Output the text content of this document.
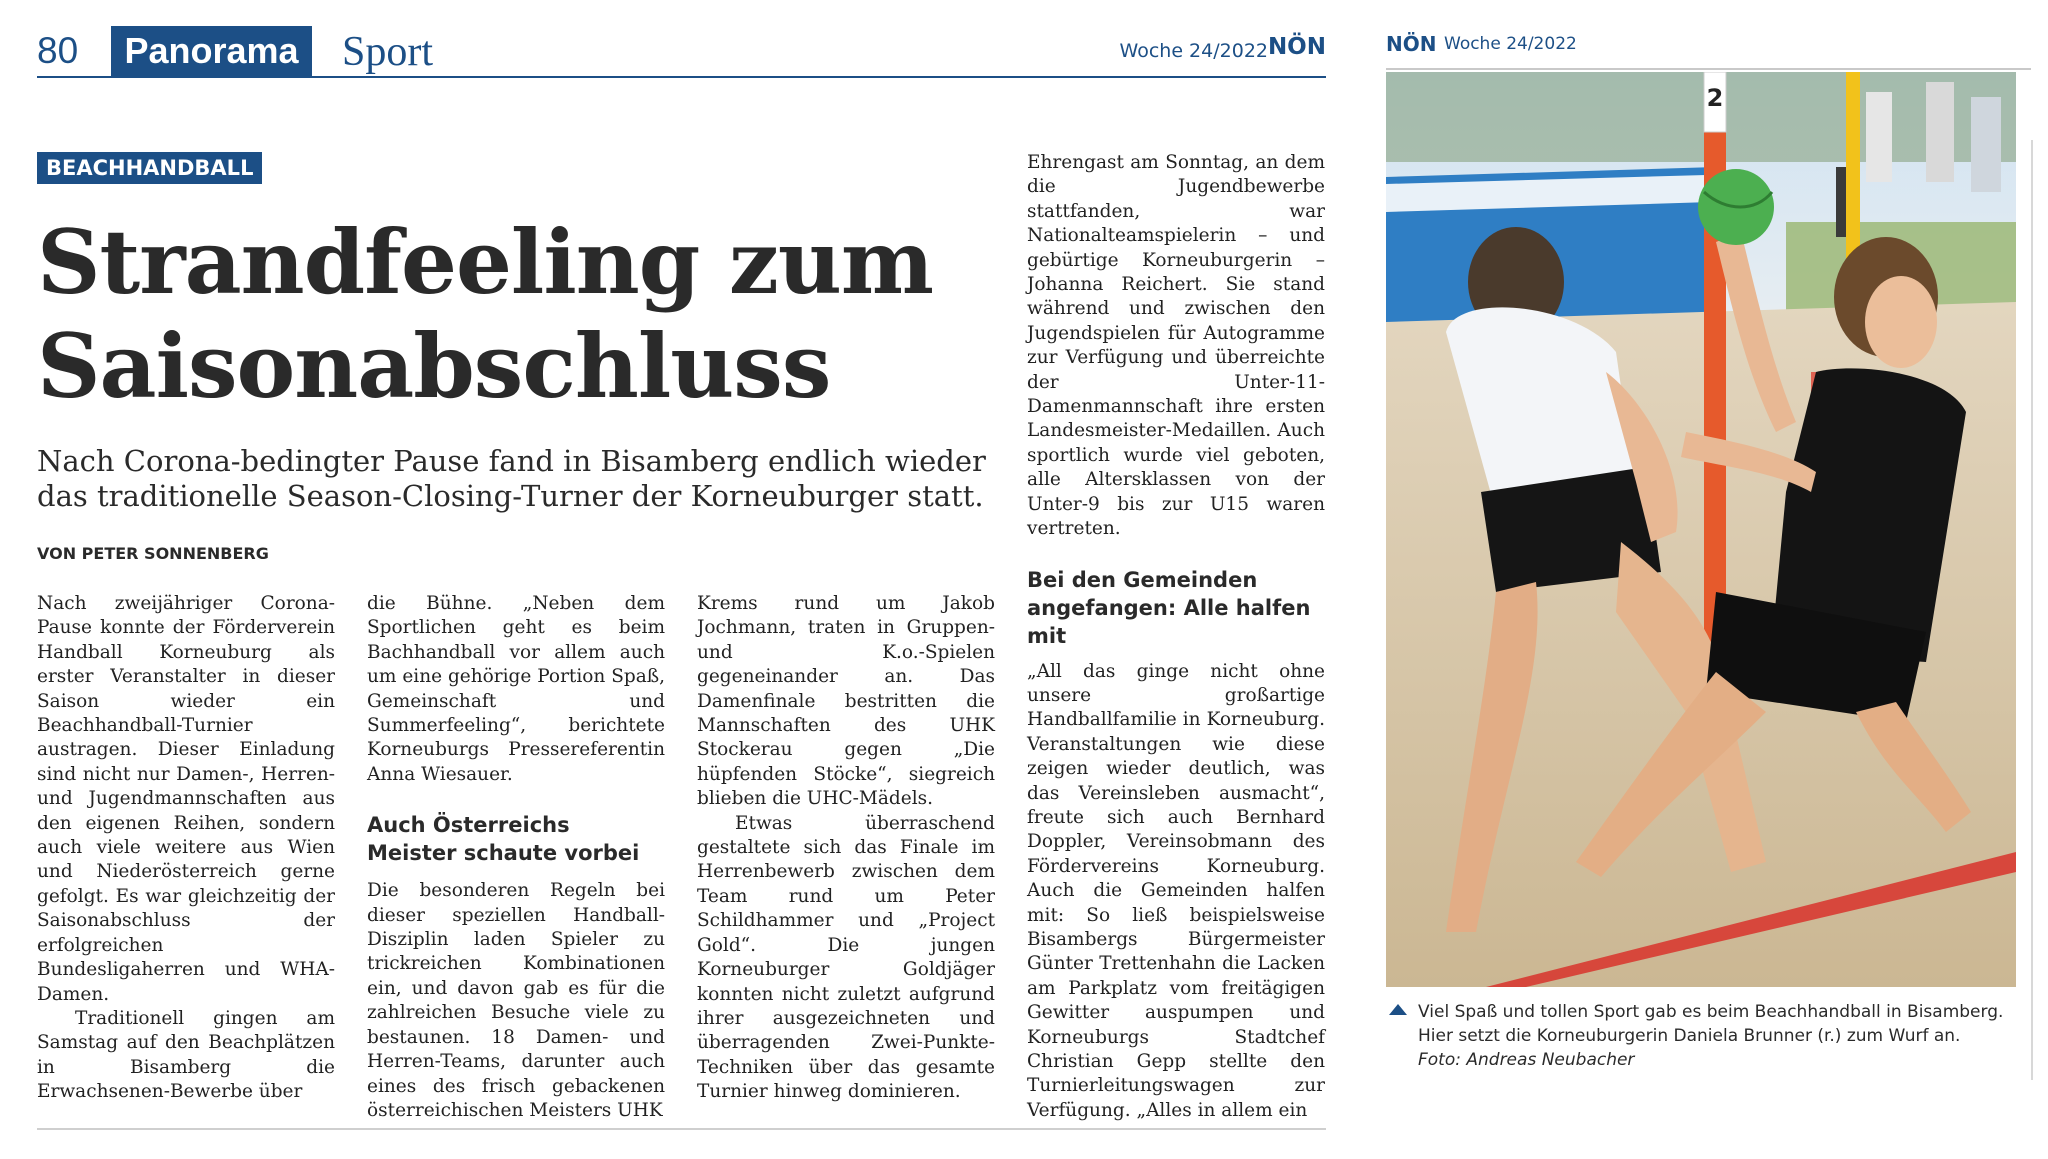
80	Panorama	Sport	Woche 24/2022 NÖN
BEACHHANDBALL
Strandfeeling zum Saisonabschluss

Nach Corona-bedingter Pause fand in Bisamberg endlich wieder das traditionelle Season-Closing-Turner der Korneuburger statt.

VON PETER SONNENBERG

Nach zweijähriger Corona-Pause konnte der Förderverein Handball Korneuburg als erster Veranstalter in dieser Saison wieder ein Beachhandball-Turnier austragen. Dieser Einladung sind nicht nur Damen-, Herren- und Jugendmannschaften aus den eigenen Reihen, sondern auch viele weitere aus Wien und Niederösterreich gerne gefolgt. Es war gleichzeitig der Saisonabschluss der erfolgreichen Bundesligaherren und WHA-Damen.

Traditionell gingen am Samstag auf den Beachplätzen in Bisamberg die Erwachsenen-Bewerbe über

die Bühne. „Neben dem Sportlichen geht es beim Bachhandball vor allem auch um eine gehörige Portion Spaß, Gemeinschaft und Summerfeeling“, berichtete Korneuburgs Pressereferentin Anna Wiesauer.

Auch Österreichs Meister schaute vorbei

Die besonderen Regeln bei dieser speziellen Handball-Disziplin laden Spieler zu trickreichen Kombinationen ein, und davon gab es für die zahlreichen Besuche viele zu bestaunen. 18 Damen- und Herren-Teams, darunter auch eines des frisch gebackenen österreichischen Meisters UHK

Krems rund um Jakob Jochmann, traten in Gruppen- und K.o.-Spielen gegeneinander an. Das Damenfinale bestritten die Mannschaften des UHK Stockerau gegen „Die hüpfenden Stöcke“, siegreich blieben die UHC-Mädels.

Etwas überraschend gestaltete sich das Finale im Herrenbewerb zwischen dem Team rund um Peter Schildhammer und „Project Gold“. Die jungen Korneuburger Goldjäger konnten nicht zuletzt aufgrund ihrer ausgezeichneten und überragenden Zwei-Punkte-Techniken über das gesamte Turnier hinweg dominieren.

Ehrengast am Sonntag, an dem die Jugendbewerbe stattfanden, war Nationalteamspielerin – und gebürtige Korneuburgerin – Johanna Reichert. Sie stand während und zwischen den Jugendspielen für Autogramme zur Verfügung und überreichte der Unter-11-Damenmannschaft ihre ersten Landesmeister-Medaillen. Auch sportlich wurde viel geboten, alle Altersklassen von der Unter-9 bis zur U15 waren vertreten.

Bei den Gemeinden angefangen: Alle halfen mit

„All das ginge nicht ohne unsere großartige Handballfamilie in Korneuburg. Veranstaltungen wie diese zeigen wieder deutlich, was das Vereinsleben ausmacht“, freute sich auch Bernhard Doppler, Vereinsobmann des Fördervereins Korneuburg. Auch die Gemeinden halfen mit: So ließ beispielsweise Bisambergs Bürgermeister Günter Trettenhahn die Lacken am Parkplatz vom freitägigen Gewitter auspumpen und Korneuburgs Stadtchef Christian Gepp stellte den Turnierleitungswagen zur Verfügung. „Alles in allem ein

NÖN Woche 24/2022
2
Viel Spaß und tollen Sport gab es beim Beachhandball in Bisamberg.
Hier setzt die Korneuburgerin Daniela Brunner (r.) zum Wurf an.
Foto: Andreas Neubacher
